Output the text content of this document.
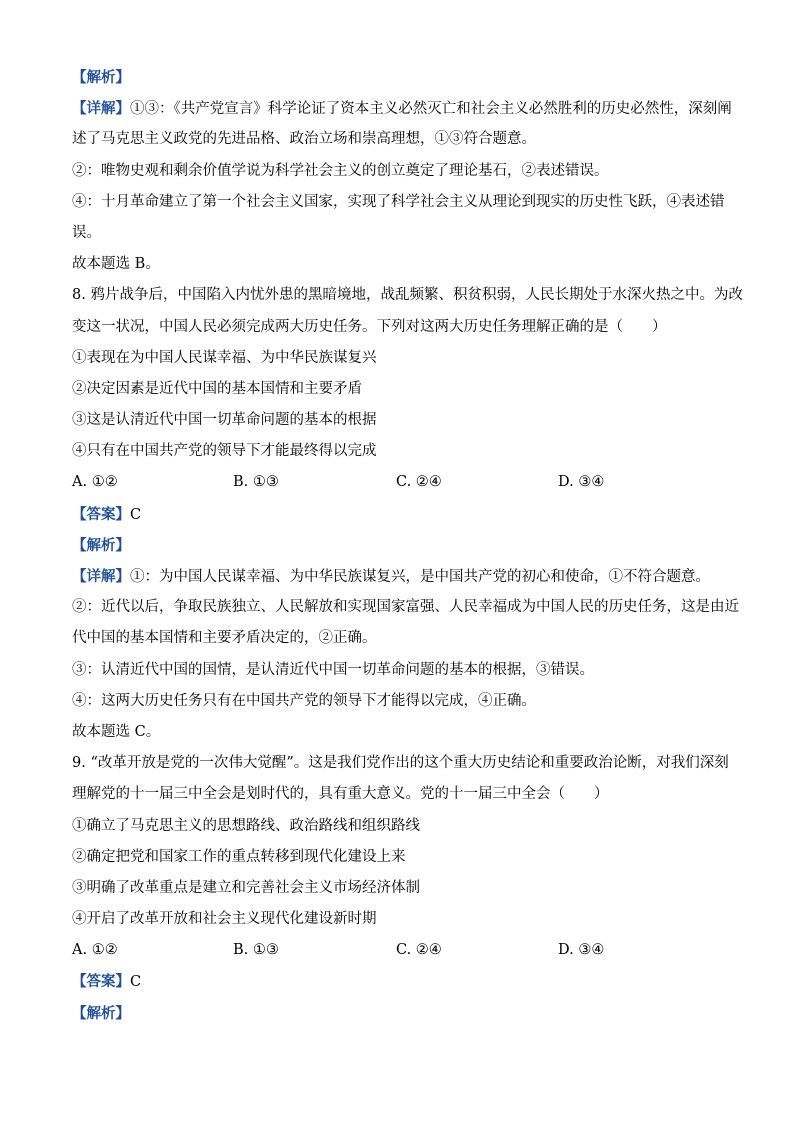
【解析】
【详解】①③：《共产党宣言》科学论证了资本主义必然灭亡和社会主义必然胜利的历史必然性，深刻阐
述了马克思主义政党的先进品格、政治立场和崇高理想，①③符合题意。
②：唯物史观和剩余价值学说为科学社会主义的创立奠定了理论基石，②表述错误。
④：十月革命建立了第一个社会主义国家，实现了科学社会主义从理论到现实的历史性飞跃，④表述错
误。
故本题选 B。
8. 鸦片战争后，中国陷入内忧外患的黑暗境地，战乱频繁、积贫积弱，人民长期处于水深火热之中。为改
变这一状况，中国人民必须完成两大历史任务。下列对这两大历史任务理解正确的是（　　）
①表现在为中国人民谋幸福、为中华民族谋复兴
②决定因素是近代中国的基本国情和主要矛盾
③这是认清近代中国一切革命问题的基本的根据
④只有在中国共产党的领导下才能最终得以完成
A. ①②	B. ①③	C. ②④	D. ③④
【答案】C
【解析】
【详解】①：为中国人民谋幸福、为中华民族谋复兴，是中国共产党的初心和使命，①不符合题意。
②：近代以后，争取民族独立、人民解放和实现国家富强、人民幸福成为中国人民的历史任务，这是由近
代中国的基本国情和主要矛盾决定的，②正确。
③：认清近代中国的国情，是认清近代中国一切革命问题的基本的根据，③错误。
④：这两大历史任务只有在中国共产党的领导下才能得以完成，④正确。
故本题选 C。
9. “改革开放是党的一次伟大觉醒”。这是我们党作出的这个重大历史结论和重要政治论断，对我们深刻
理解党的十一届三中全会是划时代的，具有重大意义。党的十一届三中全会（　　）
①确立了马克思主义的思想路线、政治路线和组织路线
②确定把党和国家工作的重点转移到现代化建设上来
③明确了改革重点是建立和完善社会主义市场经济体制
④开启了改革开放和社会主义现代化建设新时期
A. ①②	B. ①③	C. ②④	D. ③④
【答案】C
【解析】
